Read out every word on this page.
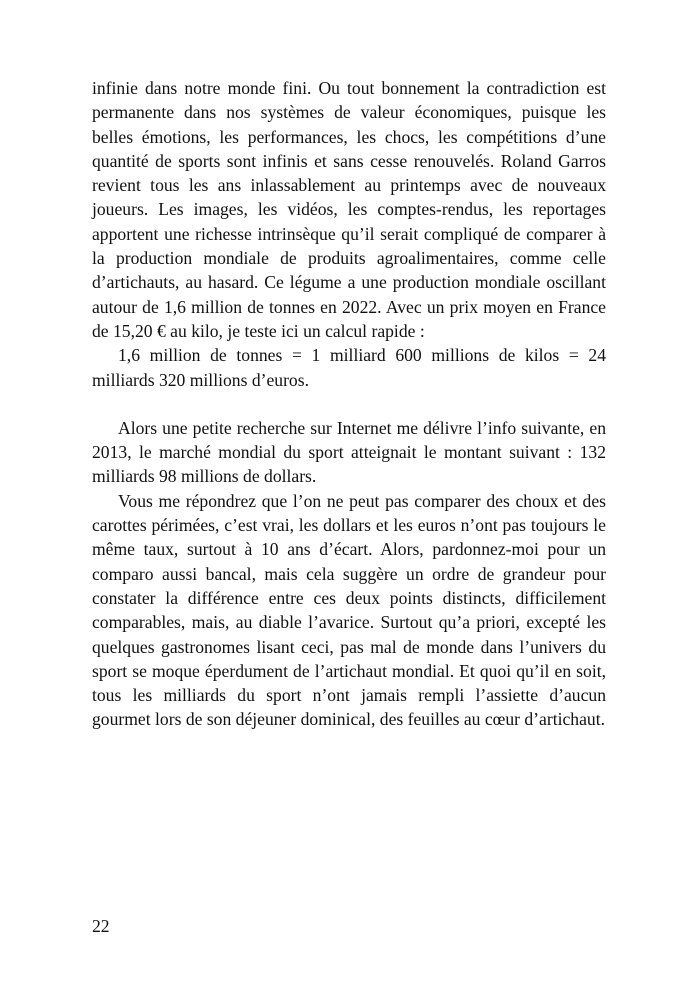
infinie dans notre monde fini. Ou tout bonnement la contradiction est permanente dans nos systèmes de valeur économiques, puisque les belles émotions, les performances, les chocs, les compétitions d’une quantité de sports sont infinis et sans cesse renouvelés. Roland Garros revient tous les ans inlassablement au printemps avec de nouveaux joueurs. Les images, les vidéos, les comptes-rendus, les reportages apportent une richesse intrinsèque qu’il serait compliqué de comparer à la production mondiale de produits agroalimentaires, comme celle d’artichauts, au hasard. Ce légume a une production mondiale oscillant autour de 1,6 million de tonnes en 2022. Avec un prix moyen en France de 15,20 € au kilo, je teste ici un calcul rapide :

1,6 million de tonnes = 1 milliard 600 millions de kilos = 24 milliards 320 millions d’euros.

Alors une petite recherche sur Internet me délivre l’info suivante, en 2013, le marché mondial du sport atteignait le montant suivant : 132 milliards 98 millions de dollars.

Vous me répondrez que l’on ne peut pas comparer des choux et des carottes périmées, c’est vrai, les dollars et les euros n’ont pas toujours le même taux, surtout à 10 ans d’écart. Alors, pardonnez-moi pour un comparo aussi bancal, mais cela suggère un ordre de grandeur pour constater la différence entre ces deux points distincts, difficilement comparables, mais, au diable l’avarice. Surtout qu’a priori, excepté les quelques gastronomes lisant ceci, pas mal de monde dans l’univers du sport se moque éperdument de l’artichaut mondial. Et quoi qu’il en soit, tous les milliards du sport n’ont jamais rempli l’assiette d’aucun gourmet lors de son déjeuner dominical, des feuilles au cœur d’artichaut.

22
